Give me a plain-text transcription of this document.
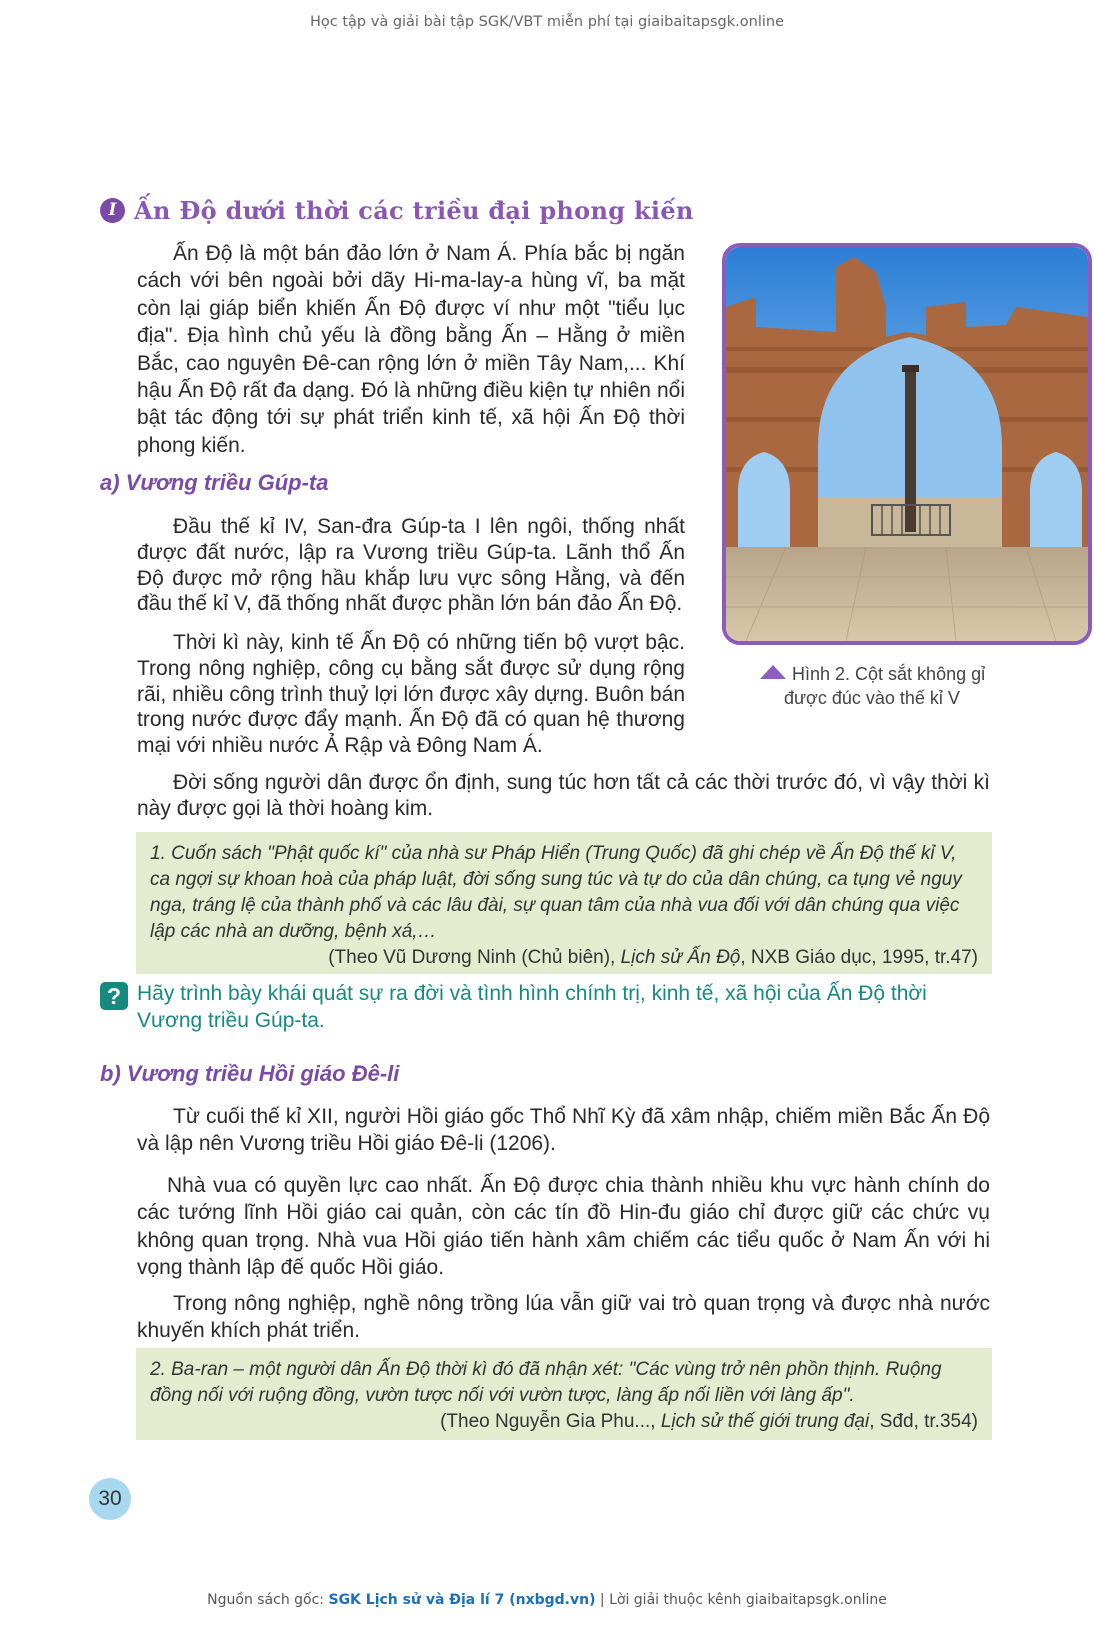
Học tập và giải bài tập SGK/VBT miễn phí tại giaibaitapsgk.online
I Ấn Độ dưới thời các triều đại phong kiến
Ấn Độ là một bán đảo lớn ở Nam Á. Phía bắc bị ngăn cách với bên ngoài bởi dãy Hi-ma-lay-a hùng vĩ, ba mặt còn lại giáp biển khiến Ấn Độ được ví như một "tiểu lục địa". Địa hình chủ yếu là đồng bằng Ấn – Hằng ở miền Bắc, cao nguyên Đê-can rộng lớn ở miền Tây Nam,... Khí hậu Ấn Độ rất đa dạng. Đó là những điều kiện tự nhiên nổi bật tác động tới sự phát triển kinh tế, xã hội Ấn Độ thời phong kiến.
Hình 2. Cột sắt không gỉ
được đúc vào thế kỉ V
a) Vương triều Gúp-ta
Đầu thế kỉ IV, San-đra Gúp-ta I lên ngôi, thống nhất được đất nước, lập ra Vương triều Gúp-ta. Lãnh thổ Ấn Độ được mở rộng hầu khắp lưu vực sông Hằng, và đến đầu thế kỉ V, đã thống nhất được phần lớn bán đảo Ấn Độ.
Thời kì này, kinh tế Ấn Độ có những tiến bộ vượt bậc. Trong nông nghiệp, công cụ bằng sắt được sử dụng rộng rãi, nhiều công trình thuỷ lợi lớn được xây dựng. Buôn bán trong nước được đẩy mạnh. Ấn Độ đã có quan hệ thương mại với nhiều nước Ả Rập và Đông Nam Á.
Đời sống người dân được ổn định, sung túc hơn tất cả các thời trước đó, vì vậy thời kì này được gọi là thời hoàng kim.
1. Cuốn sách "Phật quốc kí" của nhà sư Pháp Hiển (Trung Quốc) đã ghi chép về Ấn Độ thế kỉ V, ca ngợi sự khoan hoà của pháp luật, đời sống sung túc và tự do của dân chúng, ca tụng vẻ nguy nga, tráng lệ của thành phố và các lâu đài, sự quan tâm của nhà vua đối với dân chúng qua việc lập các nhà an dưỡng, bệnh xá,…
(Theo Vũ Dương Ninh (Chủ biên), Lịch sử Ấn Độ, NXB Giáo dục, 1995, tr.47)
? Hãy trình bày khái quát sự ra đời và tình hình chính trị, kinh tế, xã hội của Ấn Độ thời Vương triều Gúp-ta.
b) Vương triều Hồi giáo Đê-li
Từ cuối thế kỉ XII, người Hồi giáo gốc Thổ Nhĩ Kỳ đã xâm nhập, chiếm miền Bắc Ấn Độ và lập nên Vương triều Hồi giáo Đê-li (1206).
Nhà vua có quyền lực cao nhất. Ấn Độ được chia thành nhiều khu vực hành chính do các tướng lĩnh Hồi giáo cai quản, còn các tín đồ Hin-đu giáo chỉ được giữ các chức vụ không quan trọng. Nhà vua Hồi giáo tiến hành xâm chiếm các tiểu quốc ở Nam Ấn với hi vọng thành lập đế quốc Hồi giáo.
Trong nông nghiệp, nghề nông trồng lúa vẫn giữ vai trò quan trọng và được nhà nước khuyến khích phát triển.
2. Ba-ran – một người dân Ấn Độ thời kì đó đã nhận xét: "Các vùng trở nên phồn thịnh. Ruộng đồng nối với ruộng đồng, vườn tược nối với vườn tược, làng ấp nối liền với làng ấp".
(Theo Nguyễn Gia Phu..., Lịch sử thế giới trung đại, Sđd, tr.354)
30
Nguồn sách gốc: SGK Lịch sử và Địa lí 7 (nxbgd.vn) | Lời giải thuộc kênh giaibaitapsgk.online
